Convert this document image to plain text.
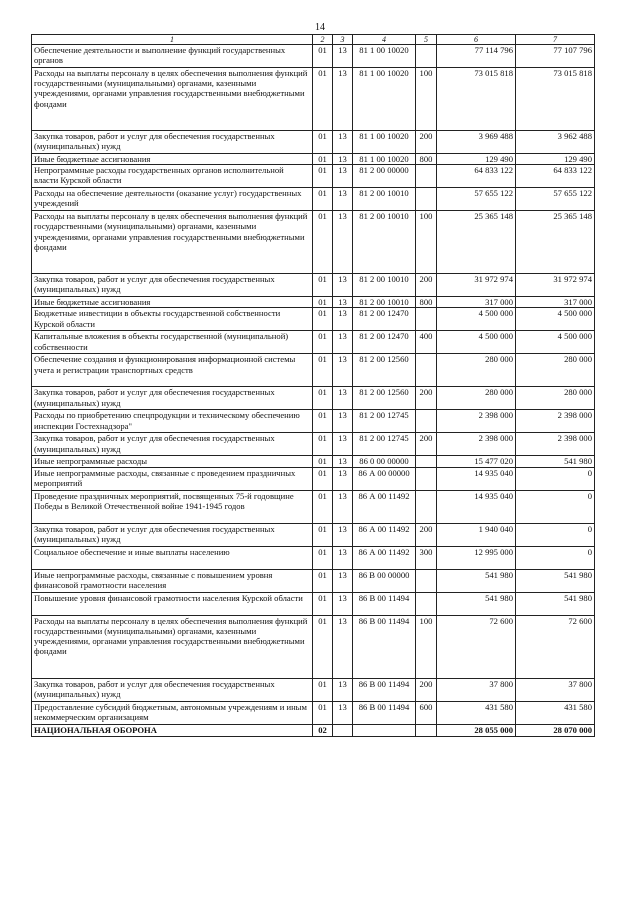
14
1	2	3	4	5	6	7
Обеспечение деятельности и выполнение функций государственных органов	01	13	81 1 00 10020		77 114 796	77 107 796
Расходы на выплаты персоналу в целях обеспечения выполнения функций государственными (муниципальными) органами, казенными учреждениями, органами управления государственными внебюджетными фондами	01	13	81 1 00 10020	100	73 015 818	73 015 818
Закупка товаров, работ и услуг для обеспечения государственных (муниципальных) нужд	01	13	81 1 00 10020	200	3 969 488	3 962 488
Иные бюджетные ассигнования	01	13	81 1 00 10020	800	129 490	129 490
Непрограммные расходы государственных органов исполнительной власти Курской области	01	13	81 2 00 00000		64 833 122	64 833 122
Расходы на обеспечение деятельности (оказание услуг) государственных учреждений	01	13	81 2 00 10010		57 655 122	57 655 122
Расходы на выплаты персоналу в целях обеспечения выполнения функций государственными (муниципальными) органами, казенными учреждениями, органами управления государственными внебюджетными фондами	01	13	81 2 00 10010	100	25 365 148	25 365 148
Закупка товаров, работ и услуг для обеспечения государственных (муниципальных) нужд	01	13	81 2 00 10010	200	31 972 974	31 972 974
Иные бюджетные ассигнования	01	13	81 2 00 10010	800	317 000	317 000
Бюджетные инвестиции в объекты государственной собственности Курской области	01	13	81 2 00 12470		4 500 000	4 500 000
Капитальные вложения в объекты государственной (муниципальной) собственности	01	13	81 2 00 12470	400	4 500 000	4 500 000
Обеспечение создания и функционирования информационной системы учета и регистрации транспортных средств	01	13	81 2 00 12560		280 000	280 000
Закупка товаров, работ и услуг для обеспечения государственных (муниципальных) нужд	01	13	81 2 00 12560	200	280 000	280 000
Расходы по приобретению спецпродукции и техническому обеспечению инспекции Гостехнадзора"	01	13	81 2 00 12745		2 398 000	2 398 000
Закупка товаров, работ и услуг для обеспечения государственных (муниципальных) нужд	01	13	81 2 00 12745	200	2 398 000	2 398 000
Иные непрограммные расходы	01	13	86 0 00 00000		15 477 020	541 980
Иные непрограммные расходы, связанные с проведением праздничных мероприятий	01	13	86 А 00 00000		14 935 040	0
Проведение праздничных мероприятий, посвященных 75-й годовщине Победы в Великой Отечественной войне 1941-1945 годов	01	13	86 А 00 11492		14 935 040	0
Закупка товаров, работ и услуг для обеспечения государственных (муниципальных) нужд	01	13	86 А 00 11492	200	1 940 040	0
Социальное обеспечение и иные выплаты населению	01	13	86 А 00 11492	300	12 995 000	0
Иные непрограммные расходы, связанные с повышением уровня финансовой грамотности населения	01	13	86 В 00 00000		541 980	541 980
Повышение уровня финансовой грамотности населения Курской области	01	13	86 В 00 11494		541 980	541 980
Расходы на выплаты персоналу в целях обеспечения выполнения функций государственными (муниципальными) органами, казенными учреждениями, органами управления государственными внебюджетными фондами	01	13	86 В 00 11494	100	72 600	72 600
Закупка товаров, работ и услуг для обеспечения государственных (муниципальных) нужд	01	13	86 В 00 11494	200	37 800	37 800
Предоставление субсидий бюджетным, автономным учреждениям и иным некоммерческим организациям	01	13	86 В 00 11494	600	431 580	431 580
НАЦИОНАЛЬНАЯ ОБОРОНА	02				28 055 000	28 070 000
